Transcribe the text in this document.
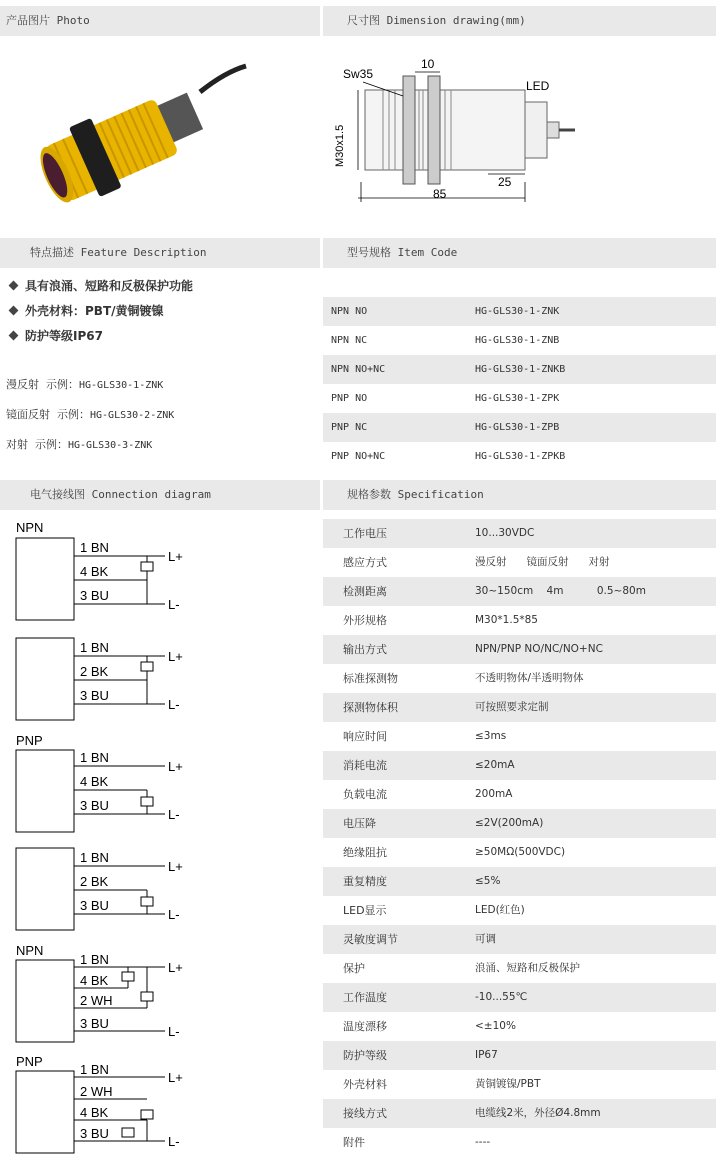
产品图片 Photo	尺寸图 Dimension drawing(mm)
Sw35
10
LED
M30x1.5
25
85
特点描述 Feature Description	型号规格 Item Code
具有浪涌、短路和反极保护功能
外壳材料：PBT/黄铜镀镍
防护等级IP67
漫反射 示例：HG-GLS30-1-ZNK
镜面反射 示例：HG-GLS30-2-ZNK
对射 示例：HG-GLS30-3-ZNK
NPN NO	HG-GLS30-1-ZNK
NPN NC	HG-GLS30-1-ZNB
NPN NO+NC	HG-GLS30-1-ZNKB
PNP NO	HG-GLS30-1-ZPK
PNP NC	HG-GLS30-1-ZPB
PNP NO+NC	HG-GLS30-1-ZPKB
电气接线图 Connection diagram	规格参数 Specification
NPN
1 BN
4 BK
3 BU
L+
L-
1 BN
2 BK
3 BU
L+
L-
PNP
1 BN
4 BK
3 BU
L+
L-
1 BN
2 BK
3 BU
L+
L-
NPN
1 BN
4 BK
2 WH
3 BU
L+
L-
PNP
1 BN
2 WH
4 BK
3 BU
L+
L-
工作电压	10...30VDC
感应方式	漫反射      镜面反射      对射
检测距离	30~150cm    4m          0.5~80m
外形规格	M30*1.5*85
输出方式	NPN/PNP NO/NC/NO+NC
标准探测物	不透明物体/半透明物体
探测物体积	可按照要求定制
响应时间	≤3ms
消耗电流	≤20mA
负载电流	200mA
电压降	≤2V(200mA)
绝缘阻抗	≥50MΩ(500VDC)
重复精度	≤5%
LED显示	LED(红色)
灵敏度调节	可调
保护	浪涌、短路和反极保护
工作温度	-10...55℃
温度漂移	<±10%
防护等级	IP67
外壳材料	黄铜镀镍/PBT
接线方式	电缆线2米，外径Ø4.8mm
附件	----
